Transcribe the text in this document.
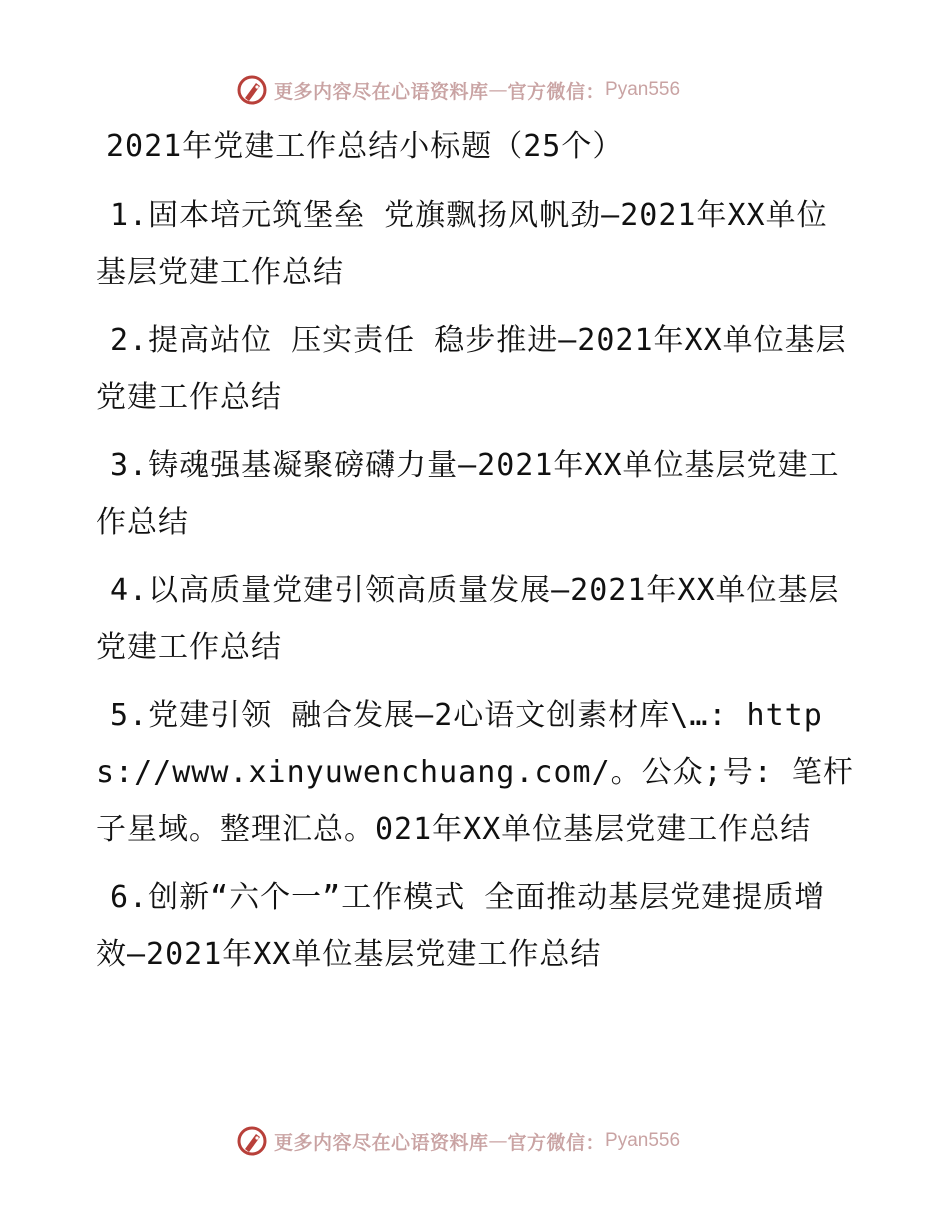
更多内容尽在心语资料库 — 官方微信： Pyan556
2021年党建工作总结小标题（25个）

1.固本培元筑堡垒 党旗飘扬风帆劲—2021年XX单位基层党建工作总结

2.提高站位 压实责任 稳步推进—2021年XX单位基层党建工作总结

3.铸魂强基凝聚磅礴力量—2021年XX单位基层党建工作总结

4.以高质量党建引领高质量发展—2021年XX单位基层党建工作总结

5.党建引领 融合发展—2心语文创素材库\…: https://www.xinyuwenchuang.com/。公众;号: 笔杆子星域。整理汇总。021年XX单位基层党建工作总结

6.创新“六个一”工作模式 全面推动基层党建提质增效—2021年XX单位基层党建工作总结

更多内容尽在心语资料库 — 官方微信： Pyan556
